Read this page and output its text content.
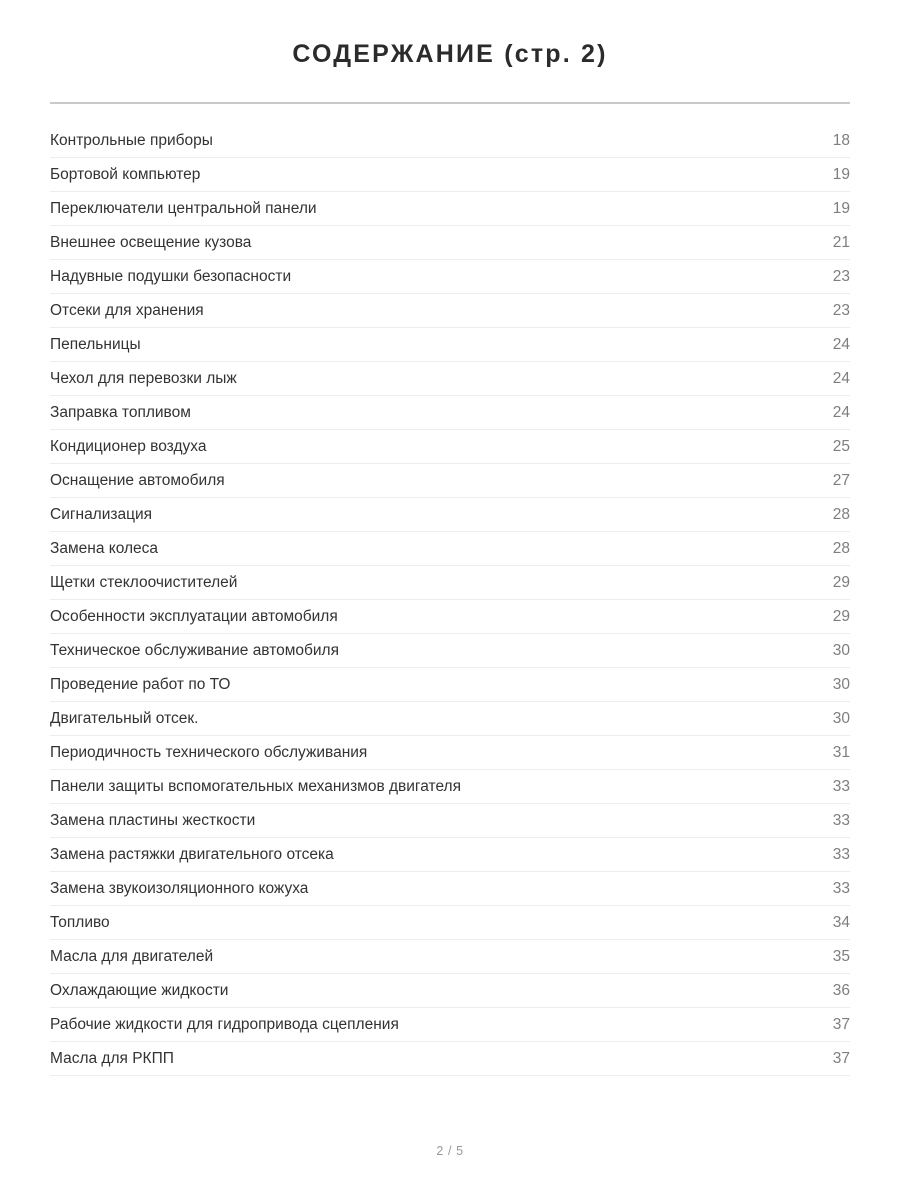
СОДЕРЖАНИЕ (стр. 2)
Контрольные приборы	18
Бортовой компьютер	19
Переключатели центральной панели	19
Внешнее освещение кузова	21
Надувные подушки безопасности	23
Отсеки для хранения	23
Пепельницы	24
Чехол для перевозки лыж	24
Заправка топливом	24
Кондиционер воздуха	25
Оснащение автомобиля	27
Сигнализация	28
Замена колеса	28
Щетки стеклоочистителей	29
Особенности эксплуатации автомобиля	29
Техническое обслуживание автомобиля	30
Проведение работ по ТО	30
Двигательный отсек.	30
Периодичность технического обслуживания	31
Панели защиты вспомогательных механизмов двигателя	33
Замена пластины жесткости	33
Замена растяжки двигательного отсека	33
Замена звукоизоляционного кожуха	33
Топливо	34
Масла для двигателей	35
Охлаждающие жидкости	36
Рабочие жидкости для гидропривода сцепления	37
Масла для РКПП	37
2 / 5
